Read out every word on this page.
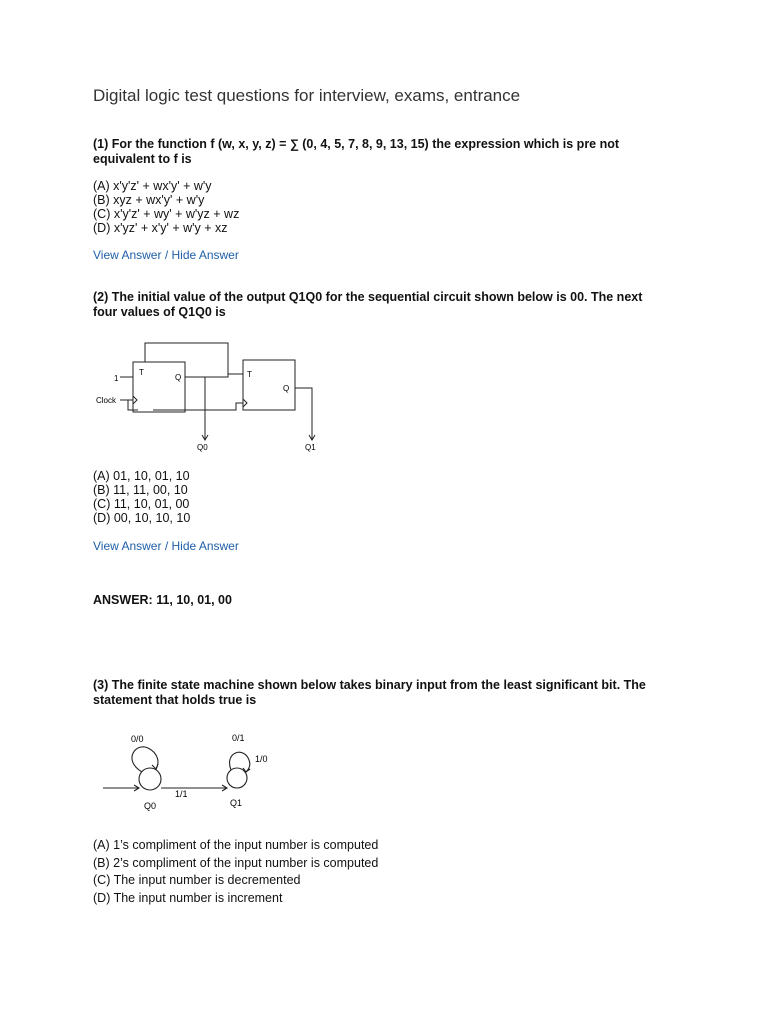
Digital logic test questions for interview, exams, entrance
(1) For the function f (w, x, y, z) = ∑ (0, 4, 5, 7, 8, 9, 13, 15) the expression which is pre not equivalent to f is
(A) x'y'z' + wx'y' + w'y
(B) xyz + wx'y' + w'y
(C) x'y'z' + wy' + w'yz + wz
(D) x'yz' + x'y' + w'y + xz
View Answer / Hide Answer
(2) The initial value of the output Q1Q0 for the sequential circuit shown below is 00. The next four values of Q1Q0 is
1
Clock
T
Q	T
Q
Q0	Q1
(A) 01, 10, 01, 10
(B) 11, 11, 00, 10
(C) 11, 10, 01, 00
(D) 00, 10, 10, 10
View Answer / Hide Answer
ANSWER: 11, 10, 01, 00
(3) The finite state machine shown below takes binary input from the least significant bit. The statement that holds true is
0/0	0/1
1/0
1/1
Q0	Q1
(A) 1’s compliment of the input number is computed
(B) 2’s compliment of the input number is computed
(C) The input number is decremented
(D) The input number is increment
